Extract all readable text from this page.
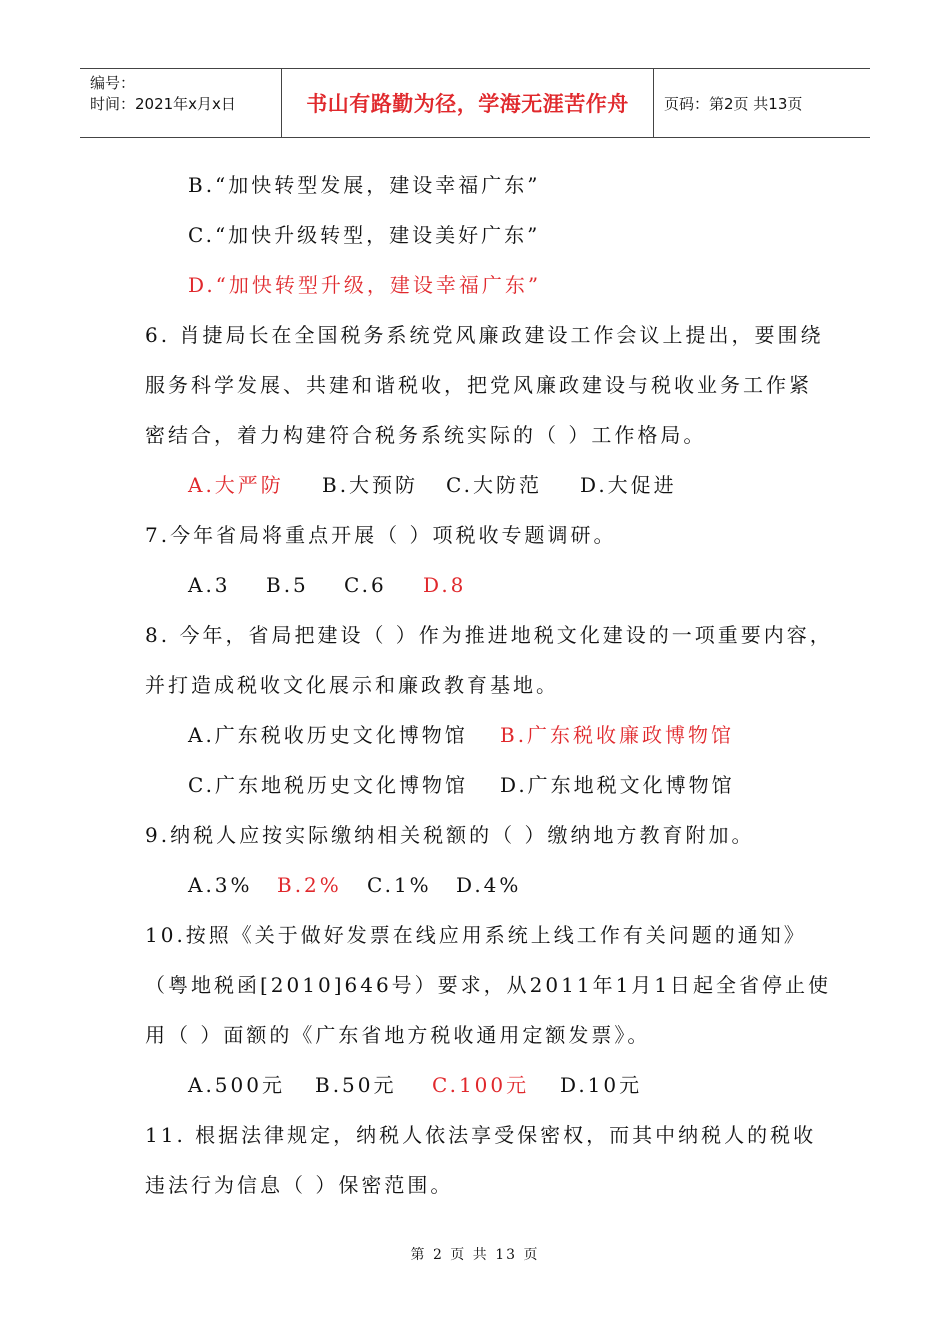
编号：
时间：2021年x月x日	书山有路勤为径，学海无涯苦作舟	页码：第2页 共13页
B.“加快转型发展，建设幸福广东”
C.“加快升级转型，建设美好广东”
D.“加快转型升级，建设幸福广东”
6. 肖捷局长在全国税务系统党风廉政建设工作会议上提出，要围绕
服务科学发展、共建和谐税收，把党风廉政建设与税收业务工作紧
密结合，着力构建符合税务系统实际的（ ）工作格局。
A.大严防 B.大预防 C.大防范 D.大促进
7.今年省局将重点开展（ ）项税收专题调研。
A.3 B.5 C.6 D.8
8. 今年，省局把建设（ ）作为推进地税文化建设的一项重要内容，
并打造成税收文化展示和廉政教育基地。
A.广东税收历史文化博物馆 B.广东税收廉政博物馆
C.广东地税历史文化博物馆 D.广东地税文化博物馆
9.纳税人应按实际缴纳相关税额的（ ）缴纳地方教育附加。
A.3% B.2% C.1% D.4%
10.按照《关于做好发票在线应用系统上线工作有关问题的通知》
（粤地税函[2010]646号）要求，从2011年1月1日起全省停止使
用（ ）面额的《广东省地方税收通用定额发票》。
A.500元 B.50元 C.100元 D.10元
11. 根据法律规定，纳税人依法享受保密权，而其中纳税人的税收
违法行为信息（ ）保密范围。
第 2 页 共 13 页
